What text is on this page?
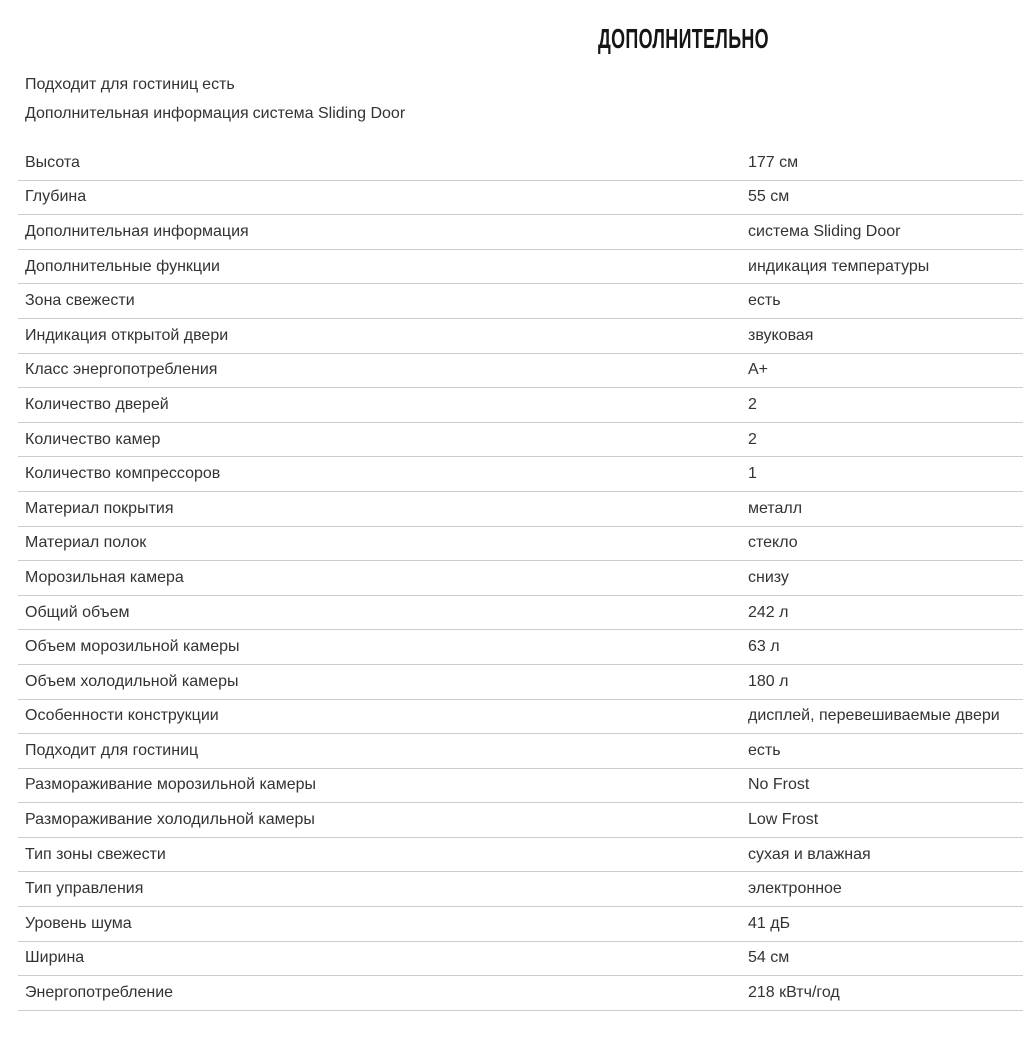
ДОПОЛНИТЕЛЬНО
Подходит для гостиниц есть
Дополнительная информация система Sliding Door
Высота	177 см
Глубина	55 см
Дополнительная информация	система Sliding Door
Дополнительные функции	индикация температуры
Зона свежести	есть
Индикация открытой двери	звуковая
Класс энергопотребления	A+
Количество дверей	2
Количество камер	2
Количество компрессоров	1
Материал покрытия	металл
Материал полок	стекло
Морозильная камера	снизу
Общий объем	242 л
Объем морозильной камеры	63 л
Объем холодильной камеры	180 л
Особенности конструкции	дисплей, перевешиваемые двери
Подходит для гостиниц	есть
Размораживание морозильной камеры	No Frost
Размораживание холодильной камеры	Low Frost
Тип зоны свежести	сухая и влажная
Тип управления	электронное
Уровень шума	41 дБ
Ширина	54 см
Энергопотребление	218 кВтч/год
